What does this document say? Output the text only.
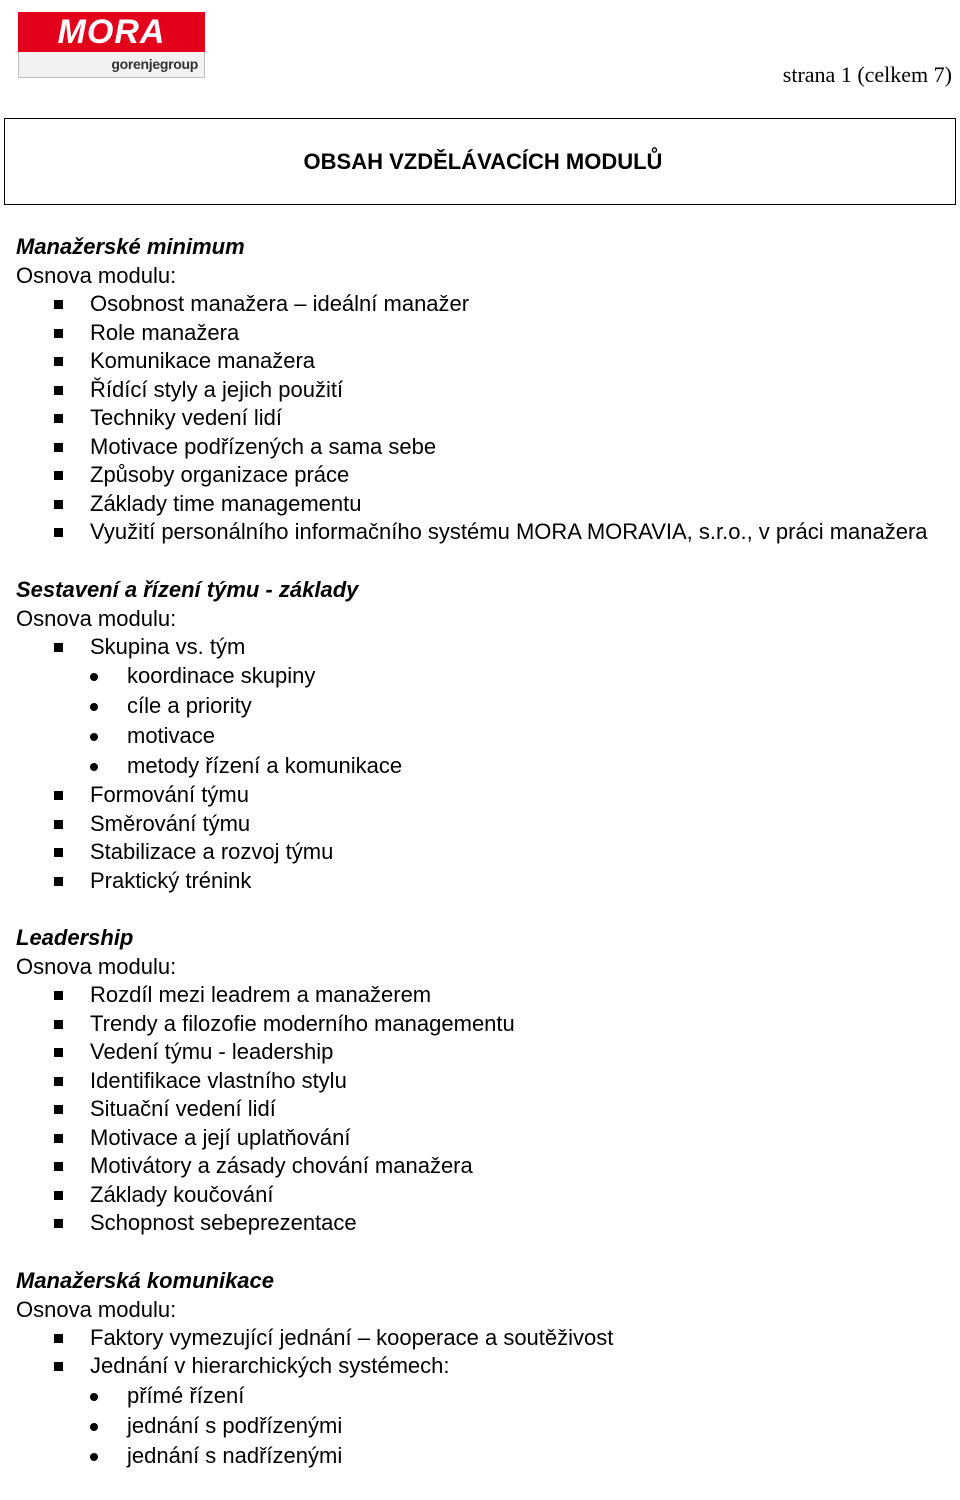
MORA
gorenjegroup	strana 1 (celkem 7)
OBSAH VZDĚLÁVACÍCH MODULŮ

Manažerské minimum

Osnova modulu:

Osobnost manažera – ideální manažer
Role manažera
Komunikace manažera
Řídící styly a jejich použití
Techniky vedení lidí
Motivace podřízených a sama sebe
Způsoby organizace práce
Základy time managementu
Využití personálního informačního systému MORA MORAVIA, s.r.o., v práci manažera

Sestavení a řízení týmu - základy

Osnova modulu:

Skupina vs. tým
koordinace skupiny
cíle a priority
motivace
metody řízení a komunikace
Formování týmu
Směrování týmu
Stabilizace a rozvoj týmu
Praktický trénink

Leadership

Osnova modulu:

Rozdíl mezi leadrem a manažerem
Trendy a filozofie moderního managementu
Vedení týmu - leadership
Identifikace vlastního stylu
Situační vedení lidí
Motivace a její uplatňování
Motivátory a zásady chování manažera
Základy koučování
Schopnost sebeprezentace

Manažerská komunikace

Osnova modulu:

Faktory vymezující jednání – kooperace a soutěživost
Jednání v hierarchických systémech:
přímé řízení
jednání s podřízenými
jednání s nadřízenými
